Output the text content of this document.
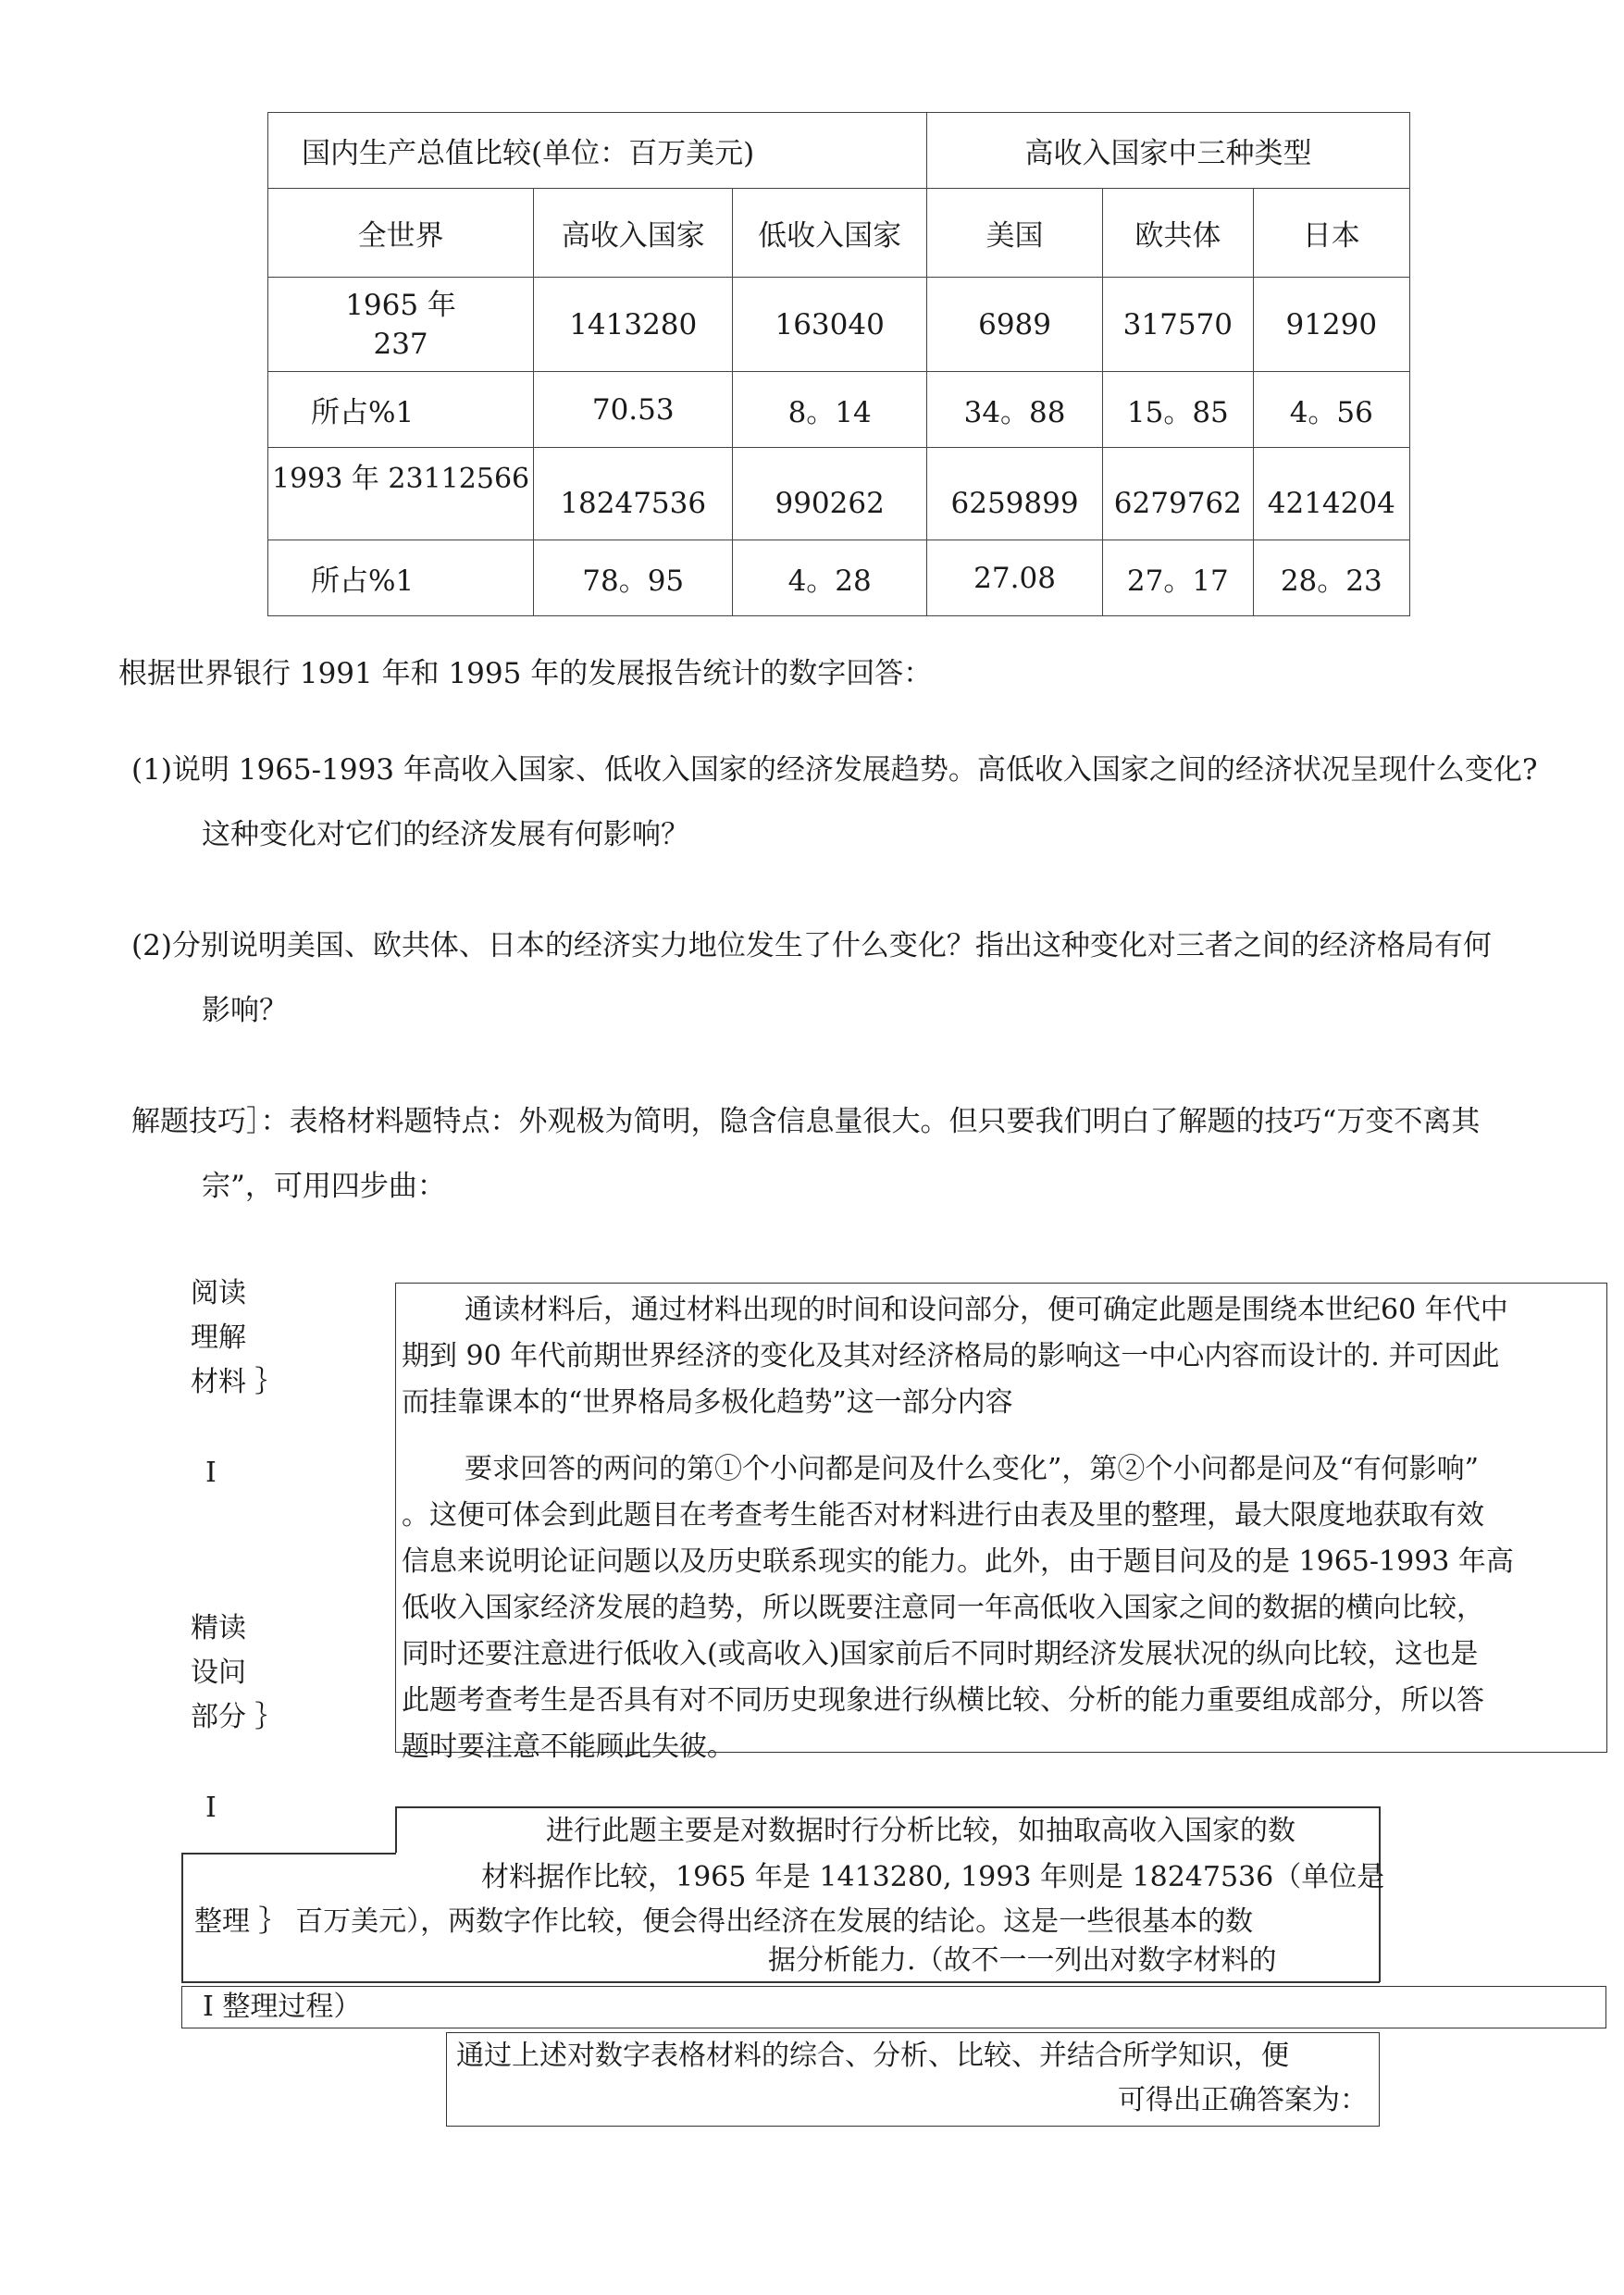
国内生产总值比较(单位：百万美元)			高收入国家中三种类型		
全世界	高收入国家	低收入国家	美国	欧共体	日本

1965 年
237	1413280	163040	6989	317570	91290
所占%1	70.53	8。14	34。88	15。85	4。56
1993 年 23112566	18247536	990262	6259899	6279762	4214204
所占%1	78。95	4。28	27.08	27。17	28。23
根据世界银行 1991 年和 1995 年的发展报告统计的数字回答：
(1)说明 1965-1993 年高收入国家、低收入国家的经济发展趋势。高低收入国家之间的经济状况呈现什么变化?
这种变化对它们的经济发展有何影响？
(2)分别说明美国、欧共体、日本的经济实力地位发生了什么变化？指出这种变化对三者之间的经济格局有何
影响？
解题技巧］：表格材料题特点：外观极为简明，隐含信息量很大。但只要我们明白了解题的技巧“万变不离其
宗”，可用四步曲：
阅读
理解
材料 ｝
I
精读
设问
部分 ｝
I
通读材料后，通过材料出现的时间和设问部分，便可确定此题是围绕本世纪60 年代中
期到 90 年代前期世界经济的变化及其对经济格局的影响这一中心内容而设计的. 并可因此
而挂靠课本的“世界格局多极化趋势”这一部分内容
要求回答的两问的第①个小问都是问及什么变化”，第②个小问都是问及“有何影响”
。这便可体会到此题目在考查考生能否对材料进行由表及里的整理，最大限度地获取有效
信息来说明论证问题以及历史联系现实的能力。此外，由于题目问及的是 1965-1993 年高
低收入国家经济发展的趋势，所以既要注意同一年高低收入国家之间的数据的横向比较，
同时还要注意进行低收入(或高收入)国家前后不同时期经济发展状况的纵向比较，这也是
此题考查考生是否具有对不同历史现象进行纵横比较、分析的能力重要组成部分，所以答
题时要注意不能顾此失彼。
进行此题主要是对数据时行分析比较，如抽取高收入国家的数
材料据作比较，1965 年是 1413280, 1993 年则是 18247536（单位是
整理 ｝ 百万美元），两数字作比较，便会得出经济在发展的结论。这是一些很基本的数
据分析能力.（故不一一列出对数字材料的
I 整理过程）
通过上述对数字表格材料的综合、分析、比较、并结合所学知识，便
可得出正确答案为：
